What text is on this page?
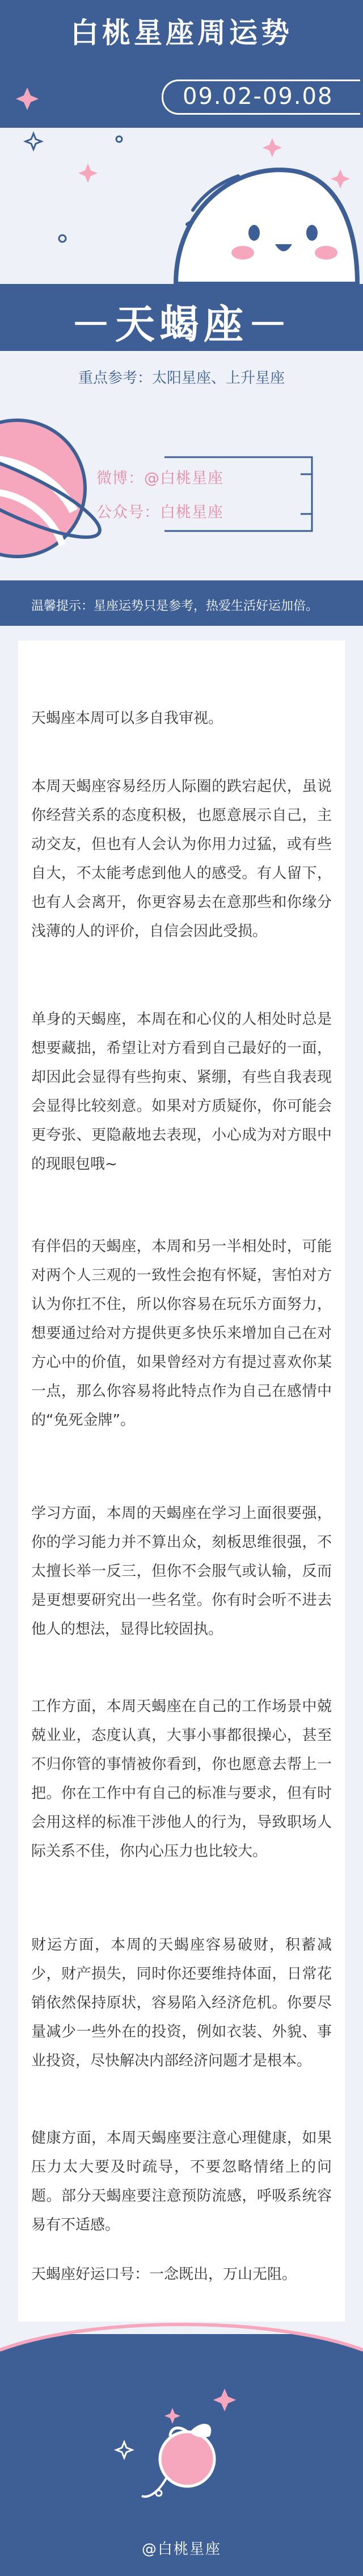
白桃星座周运势
09.02-09.08
－天蝎座－
重点参考：太阳星座、上升星座
微博：@白桃星座
公众号：白桃星座
温馨提示：星座运势只是参考，热爱生活好运加倍。
天蝎座本周可以多自我审视。
本周天蝎座容易经历人际圈的跌宕起伏，虽说你经营关系的态度积极，也愿意展示自己，主动交友，但也有人会认为你用力过猛，或有些自大，不太能考虑到他人的感受。有人留下，也有人会离开，你更容易去在意那些和你缘分浅薄的人的评价，自信会因此受损。
单身的天蝎座，本周在和心仪的人相处时总是想要藏拙，希望让对方看到自己最好的一面，却因此会显得有些拘束、紧绷，有些自我表现会显得比较刻意。如果对方质疑你，你可能会更夸张、更隐蔽地去表现，小心成为对方眼中的现眼包哦~
有伴侣的天蝎座，本周和另一半相处时，可能对两个人三观的一致性会抱有怀疑，害怕对方认为你扛不住，所以你容易在玩乐方面努力，想要通过给对方提供更多快乐来增加自己在对方心中的价值，如果曾经对方有提过喜欢你某一点，那么你容易将此特点作为自己在感情中的“免死金牌”。
学习方面，本周的天蝎座在学习上面很要强，你的学习能力并不算出众，刻板思维很强，不太擅长举一反三，但你不会服气或认输，反而是更想要研究出一些名堂。你有时会听不进去他人的想法，显得比较固执。
工作方面，本周天蝎座在自己的工作场景中兢兢业业，态度认真，大事小事都很操心，甚至不归你管的事情被你看到，你也愿意去帮上一把。你在工作中有自己的标准与要求，但有时会用这样的标准干涉他人的行为，导致职场人际关系不佳，你内心压力也比较大。
财运方面，本周的天蝎座容易破财，积蓄减少，财产损失，同时你还要维持体面，日常花销依然保持原状，容易陷入经济危机。你要尽量减少一些外在的投资，例如衣装、外貌、事业投资，尽快解决内部经济问题才是根本。
健康方面，本周天蝎座要注意心理健康，如果压力太大要及时疏导，不要忽略情绪上的问题。部分天蝎座要注意预防流感，呼吸系统容易有不适感。
天蝎座好运口号：一念既出，万山无阻。
@白桃星座
